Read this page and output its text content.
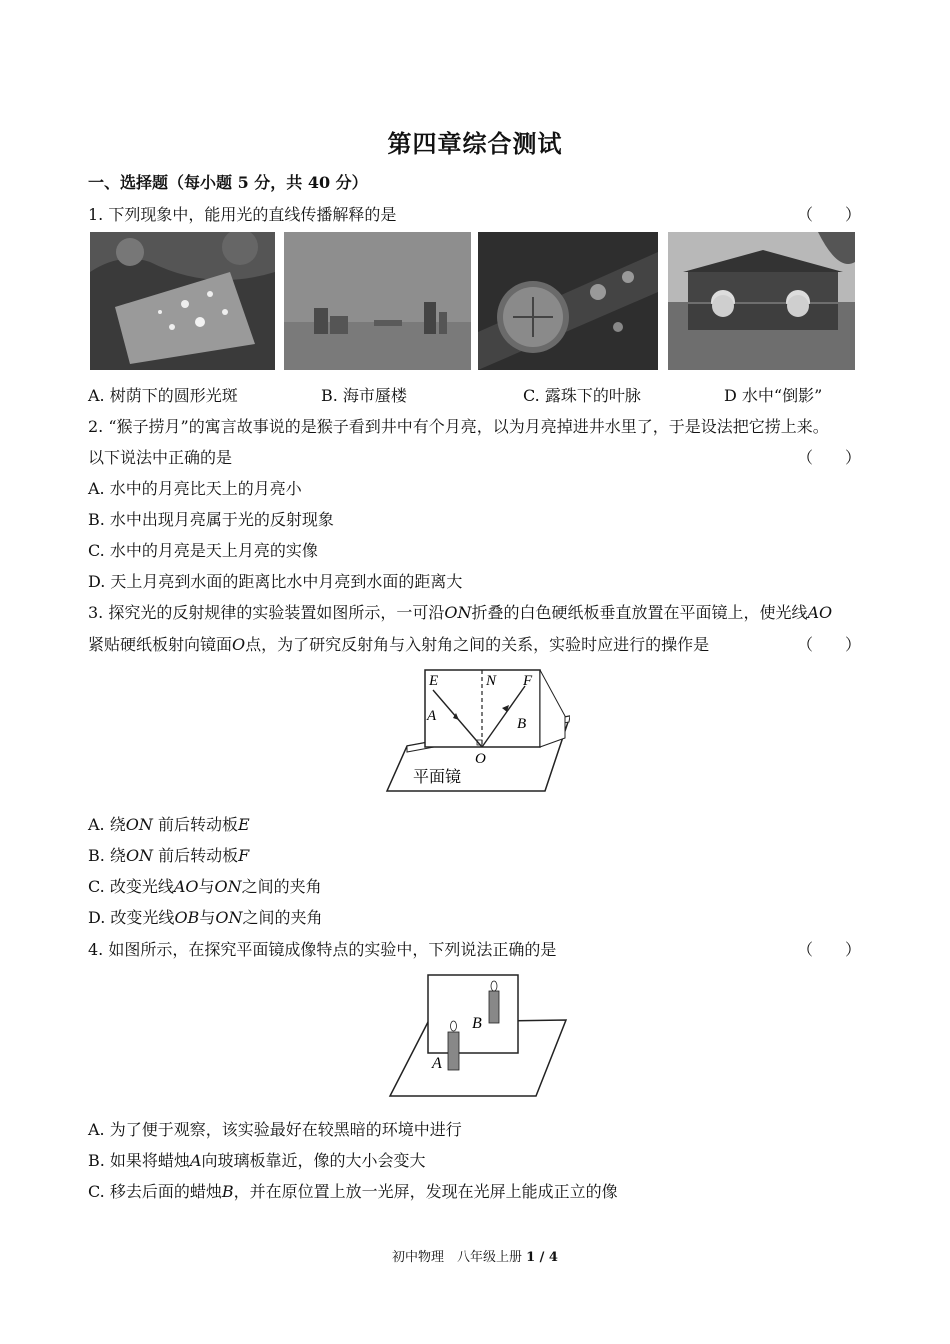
第四章综合测试
一、选择题（每小题 5 分，共 40 分）
1. 下列现象中，能用光的直线传播解释的是	（　　）
A. 树荫下的圆形光斑	B. 海市蜃楼	C. 露珠下的叶脉	D 水中“倒影”
2. “猴子捞月”的寓言故事说的是猴子看到井中有个月亮，以为月亮掉进井水里了，于是设法把它捞上来。
以下说法中正确的是	（　　）
A. 水中的月亮比天上的月亮小
B. 水中出现月亮属于光的反射现象
C. 水中的月亮是天上月亮的实像
D. 天上月亮到水面的距离比水中月亮到水面的距离大
3. 探究光的反射规律的实验装置如图所示，一可沿ON折叠的白色硬纸板垂直放置在平面镜上，使光线AO
紧贴硬纸板射向镜面O点，为了研究反射角与入射角之间的关系，实验时应进行的操作是	（　　）
E	N F
A	B
O
平面镜
A. 绕ON 前后转动板E
B. 绕ON 前后转动板F
C. 改变光线AO与ON之间的夹角
D. 改变光线OB与ON之间的夹角
4. 如图所示，在探究平面镜成像特点的实验中，下列说法正确的是	（　　）
B
A
A. 为了便于观察，该实验最好在较黑暗的环境中进行
B. 如果将蜡烛A向玻璃板靠近，像的大小会变大
C. 移去后面的蜡烛B，并在原位置上放一光屏，发现在光屏上能成正立的像
初中物理　八年级上册 1 / 4
